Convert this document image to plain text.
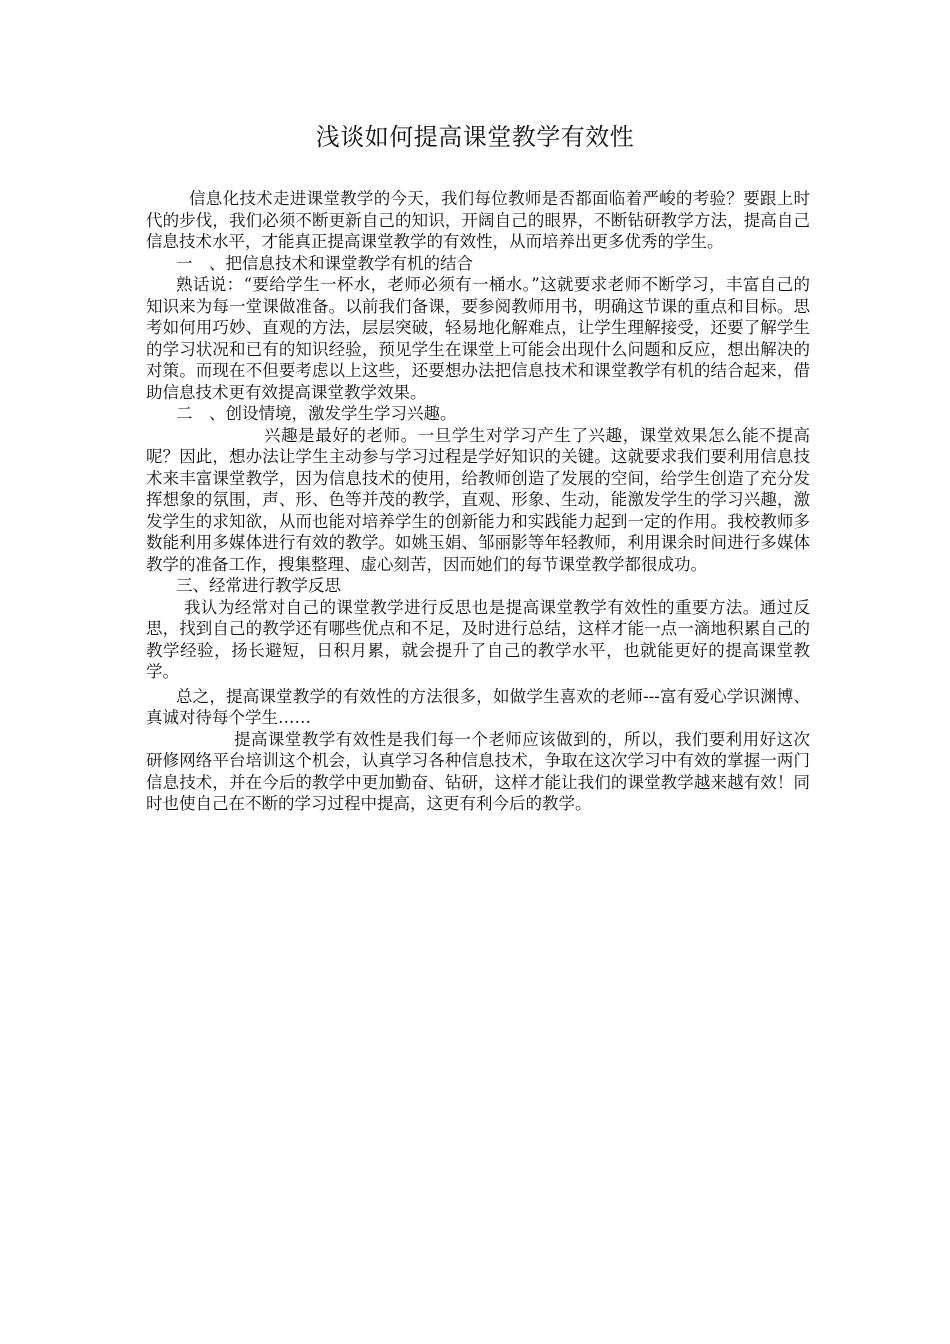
浅谈如何提高课堂教学有效性

信息化技术走进课堂教学的今天，我们每位教师是否都面临着严峻的考验？要跟上时代的步伐，我们必须不断更新自己的知识，开阔自己的眼界，不断钻研教学方法，提高自己信息技术水平，才能真正提高课堂教学的有效性，从而培养出更多优秀的学生。

一　、把信息技术和课堂教学有机的结合

熟话说：“要给学生一杯水，老师必须有一桶水。”这就要求老师不断学习，丰富自己的知识来为每一堂课做准备。以前我们备课，要参阅教师用书，明确这节课的重点和目标。思考如何用巧妙、直观的方法，层层突破，轻易地化解难点，让学生理解接受，还要了解学生的学习状况和已有的知识经验，预见学生在课堂上可能会出现什么问题和反应，想出解决的对策。而现在不但要考虑以上这些，还要想办法把信息技术和课堂教学有机的结合起来，借助信息技术更有效提高课堂教学效果。

二　、创设情境，激发学生学习兴趣。

兴趣是最好的老师。一旦学生对学习产生了兴趣，课堂效果怎么能不提高呢？因此，想办法让学生主动参与学习过程是学好知识的关键。这就要求我们要利用信息技术来丰富课堂教学，因为信息技术的使用，给教师创造了发展的空间，给学生创造了充分发挥想象的氛围，声、形、色等并茂的教学，直观、形象、生动，能激发学生的学习兴趣，激发学生的求知欲，从而也能对培养学生的创新能力和实践能力起到一定的作用。我校教师多数能利用多媒体进行有效的教学。如姚玉娟、邹丽影等年轻教师，利用课余时间进行多媒体教学的准备工作，搜集整理、虚心刻苦，因而她们的每节课堂教学都很成功。

三、经常进行教学反思

我认为经常对自己的课堂教学进行反思也是提高课堂教学有效性的重要方法。通过反思，找到自己的教学还有哪些优点和不足，及时进行总结，这样才能一点一滴地积累自己的教学经验，扬长避短，日积月累，就会提升了自己的教学水平，也就能更好的提高课堂教学。

总之，提高课堂教学的有效性的方法很多，如做学生喜欢的老师---富有爱心学识渊博、真诚对待每个学生……

提高课堂教学有效性是我们每一个老师应该做到的，所以，我们要利用好这次研修网络平台培训这个机会，认真学习各种信息技术，争取在这次学习中有效的掌握一两门信息技术，并在今后的教学中更加勤奋、钻研，这样才能让我们的课堂教学越来越有效！同时也使自己在不断的学习过程中提高，这更有利今后的教学。
